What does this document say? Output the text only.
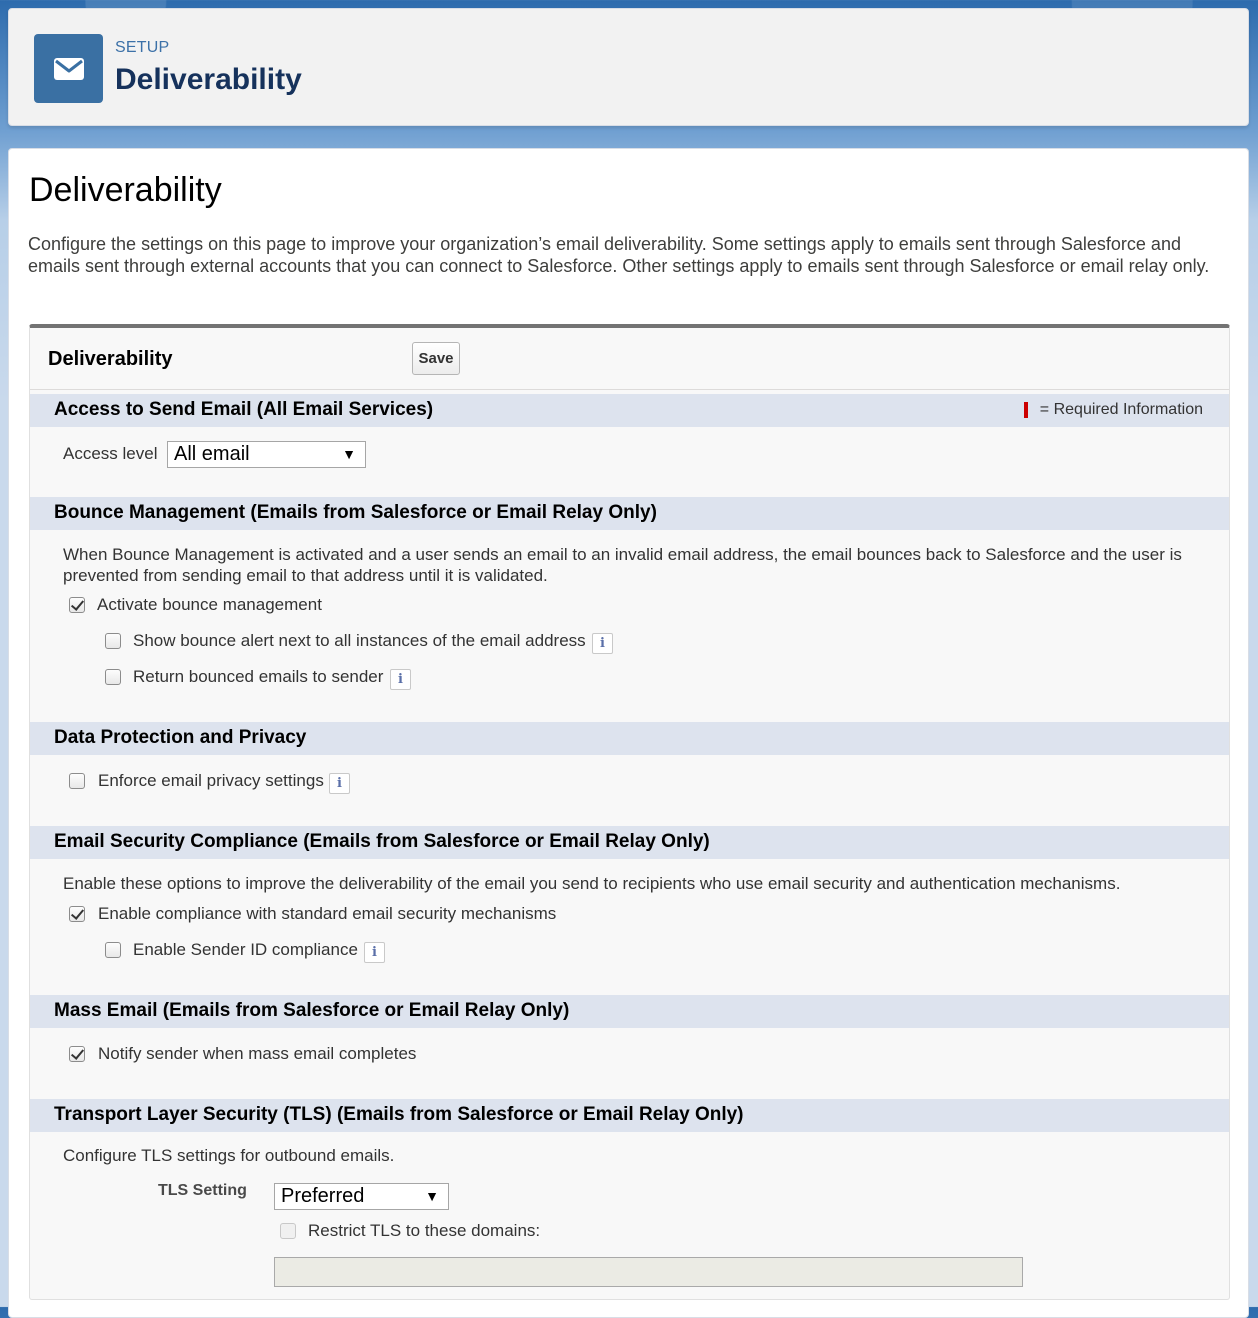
SETUP
Deliverability
Deliverability
Configure the settings on this page to improve your organization’s email deliverability. Some settings apply to emails sent through Salesforce and emails sent through external accounts that you can connect to Salesforce. Other settings apply to emails sent through Salesforce or email relay only.
Deliverability	Save
Access to Send Email (All Email Services)	= Required Information
Access level All email	▼
Bounce Management (Emails from Salesforce or Email Relay Only)
When Bounce Management is activated and a user sends an email to an invalid email address, the email bounces back to Salesforce and the user is prevented from sending email to that address until it is validated.
Activate bounce management
Show bounce alert next to all instances of the email address	i
Return bounced emails to sender	i
Data Protection and Privacy
Enforce email privacy settings	i
Email Security Compliance (Emails from Salesforce or Email Relay Only)
Enable these options to improve the deliverability of the email you send to recipients who use email security and authentication mechanisms.
Enable compliance with standard email security mechanisms
Enable Sender ID compliance	i
Mass Email (Emails from Salesforce or Email Relay Only)
Notify sender when mass email completes
Transport Layer Security (TLS) (Emails from Salesforce or Email Relay Only)
Configure TLS settings for outbound emails.
TLS Setting	Preferred	▼
Restrict TLS to these domains:
